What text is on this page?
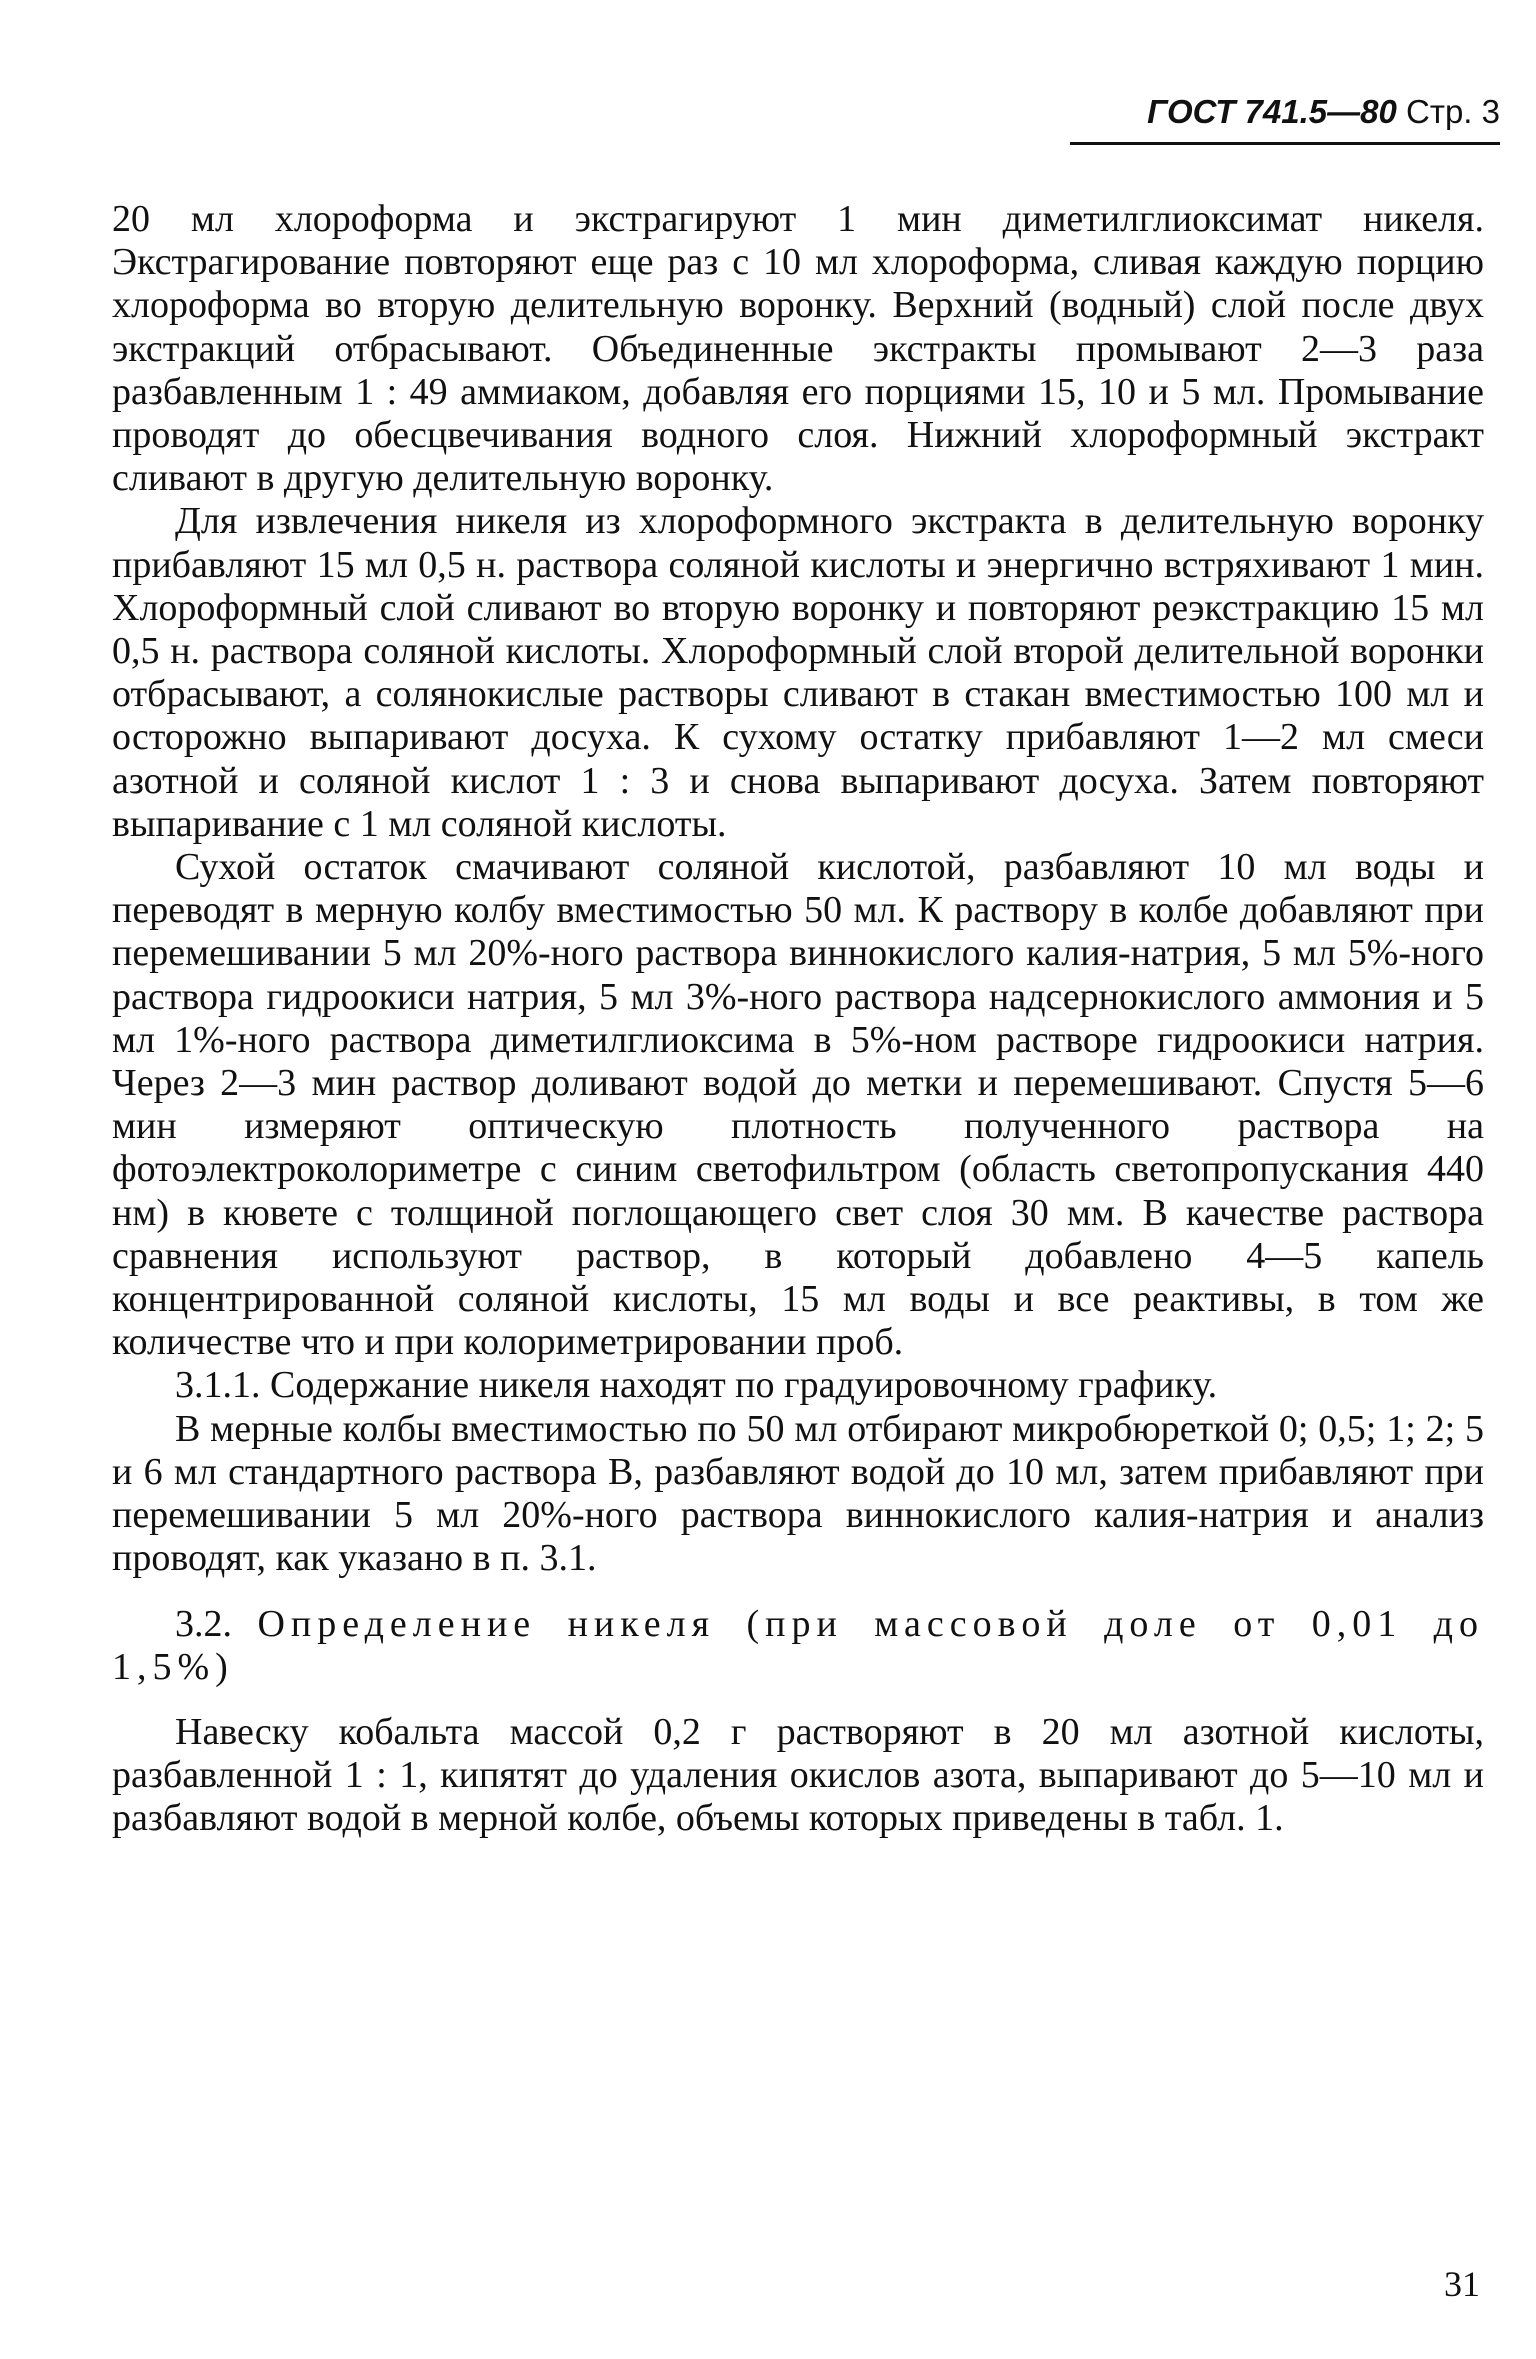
ГОСТ 741.5—80 Стр. 3

20 мл хлороформа и экстрагируют 1 мин диметилглиоксимат никеля. Экстрагирование повторяют еще раз с 10 мл хлороформа, сливая каждую порцию хлороформа во вторую делительную воронку. Верхний (водный) слой после двух экстракций отбрасывают. Объединенные экстракты промывают 2—3 раза разбавленным 1 : 49 аммиаком, добавляя его порциями 15, 10 и 5 мл. Промывание проводят до обесцвечивания водного слоя. Нижний хлороформный экстракт сливают в другую делительную воронку.

Для извлечения никеля из хлороформного экстракта в делительную воронку прибавляют 15 мл 0,5 н. раствора соляной кислоты и энергично встряхивают 1 мин. Хлороформный слой сливают во вторую воронку и повторяют реэкстракцию 15 мл 0,5 н. раствора соляной кислоты. Хлороформный слой второй делительной воронки отбрасывают, а солянокислые растворы сливают в стакан вместимостью 100 мл и осторожно выпаривают досуха. К сухому остатку прибавляют 1—2 мл смеси азотной и соляной кислот 1 : 3 и снова выпаривают досуха. Затем повторяют выпаривание с 1 мл соляной кислоты.

Сухой остаток смачивают соляной кислотой, разбавляют 10 мл воды и переводят в мерную колбу вместимостью 50 мл. К раствору в колбе добавляют при перемешивании 5 мл 20%-ного раствора виннокислого калия-натрия, 5 мл 5%-ного раствора гидроокиси натрия, 5 мл 3%-ного раствора надсернокислого аммония и 5 мл 1%-ного раствора диметилглиоксима в 5%-ном растворе гидроокиси натрия. Через 2—3 мин раствор доливают водой до метки и перемешивают. Спустя 5—6 мин измеряют оптическую плотность полученного раствора на фотоэлектроколориметре с синим светофильтром (область светопропускания 440 нм) в кювете с толщиной поглощающего свет слоя 30 мм. В качестве раствора сравнения используют раствор, в который добавлено 4—5 капель концентрированной соляной кислоты, 15 мл воды и все реактивы, в том же количестве что и при колориметрировании проб.

3.1.1. Содержание никеля находят по градуировочному графику.

В мерные колбы вместимостью по 50 мл отбирают микробюреткой 0; 0,5; 1; 2; 5 и 6 мл стандартного раствора В, разбавляют водой до 10 мл, затем прибавляют при перемешивании 5 мл 20%-ного раствора виннокислого калия-натрия и анализ проводят, как указано в п. 3.1.

3.2. Определение никеля (при массовой доле от 0,01 до 1,5%)

Навеску кобальта массой 0,2 г растворяют в 20 мл азотной кислоты, разбавленной 1 : 1, кипятят до удаления окислов азота, выпаривают до 5—10 мл и разбавляют водой в мерной колбе, объемы которых приведены в табл. 1.

31
